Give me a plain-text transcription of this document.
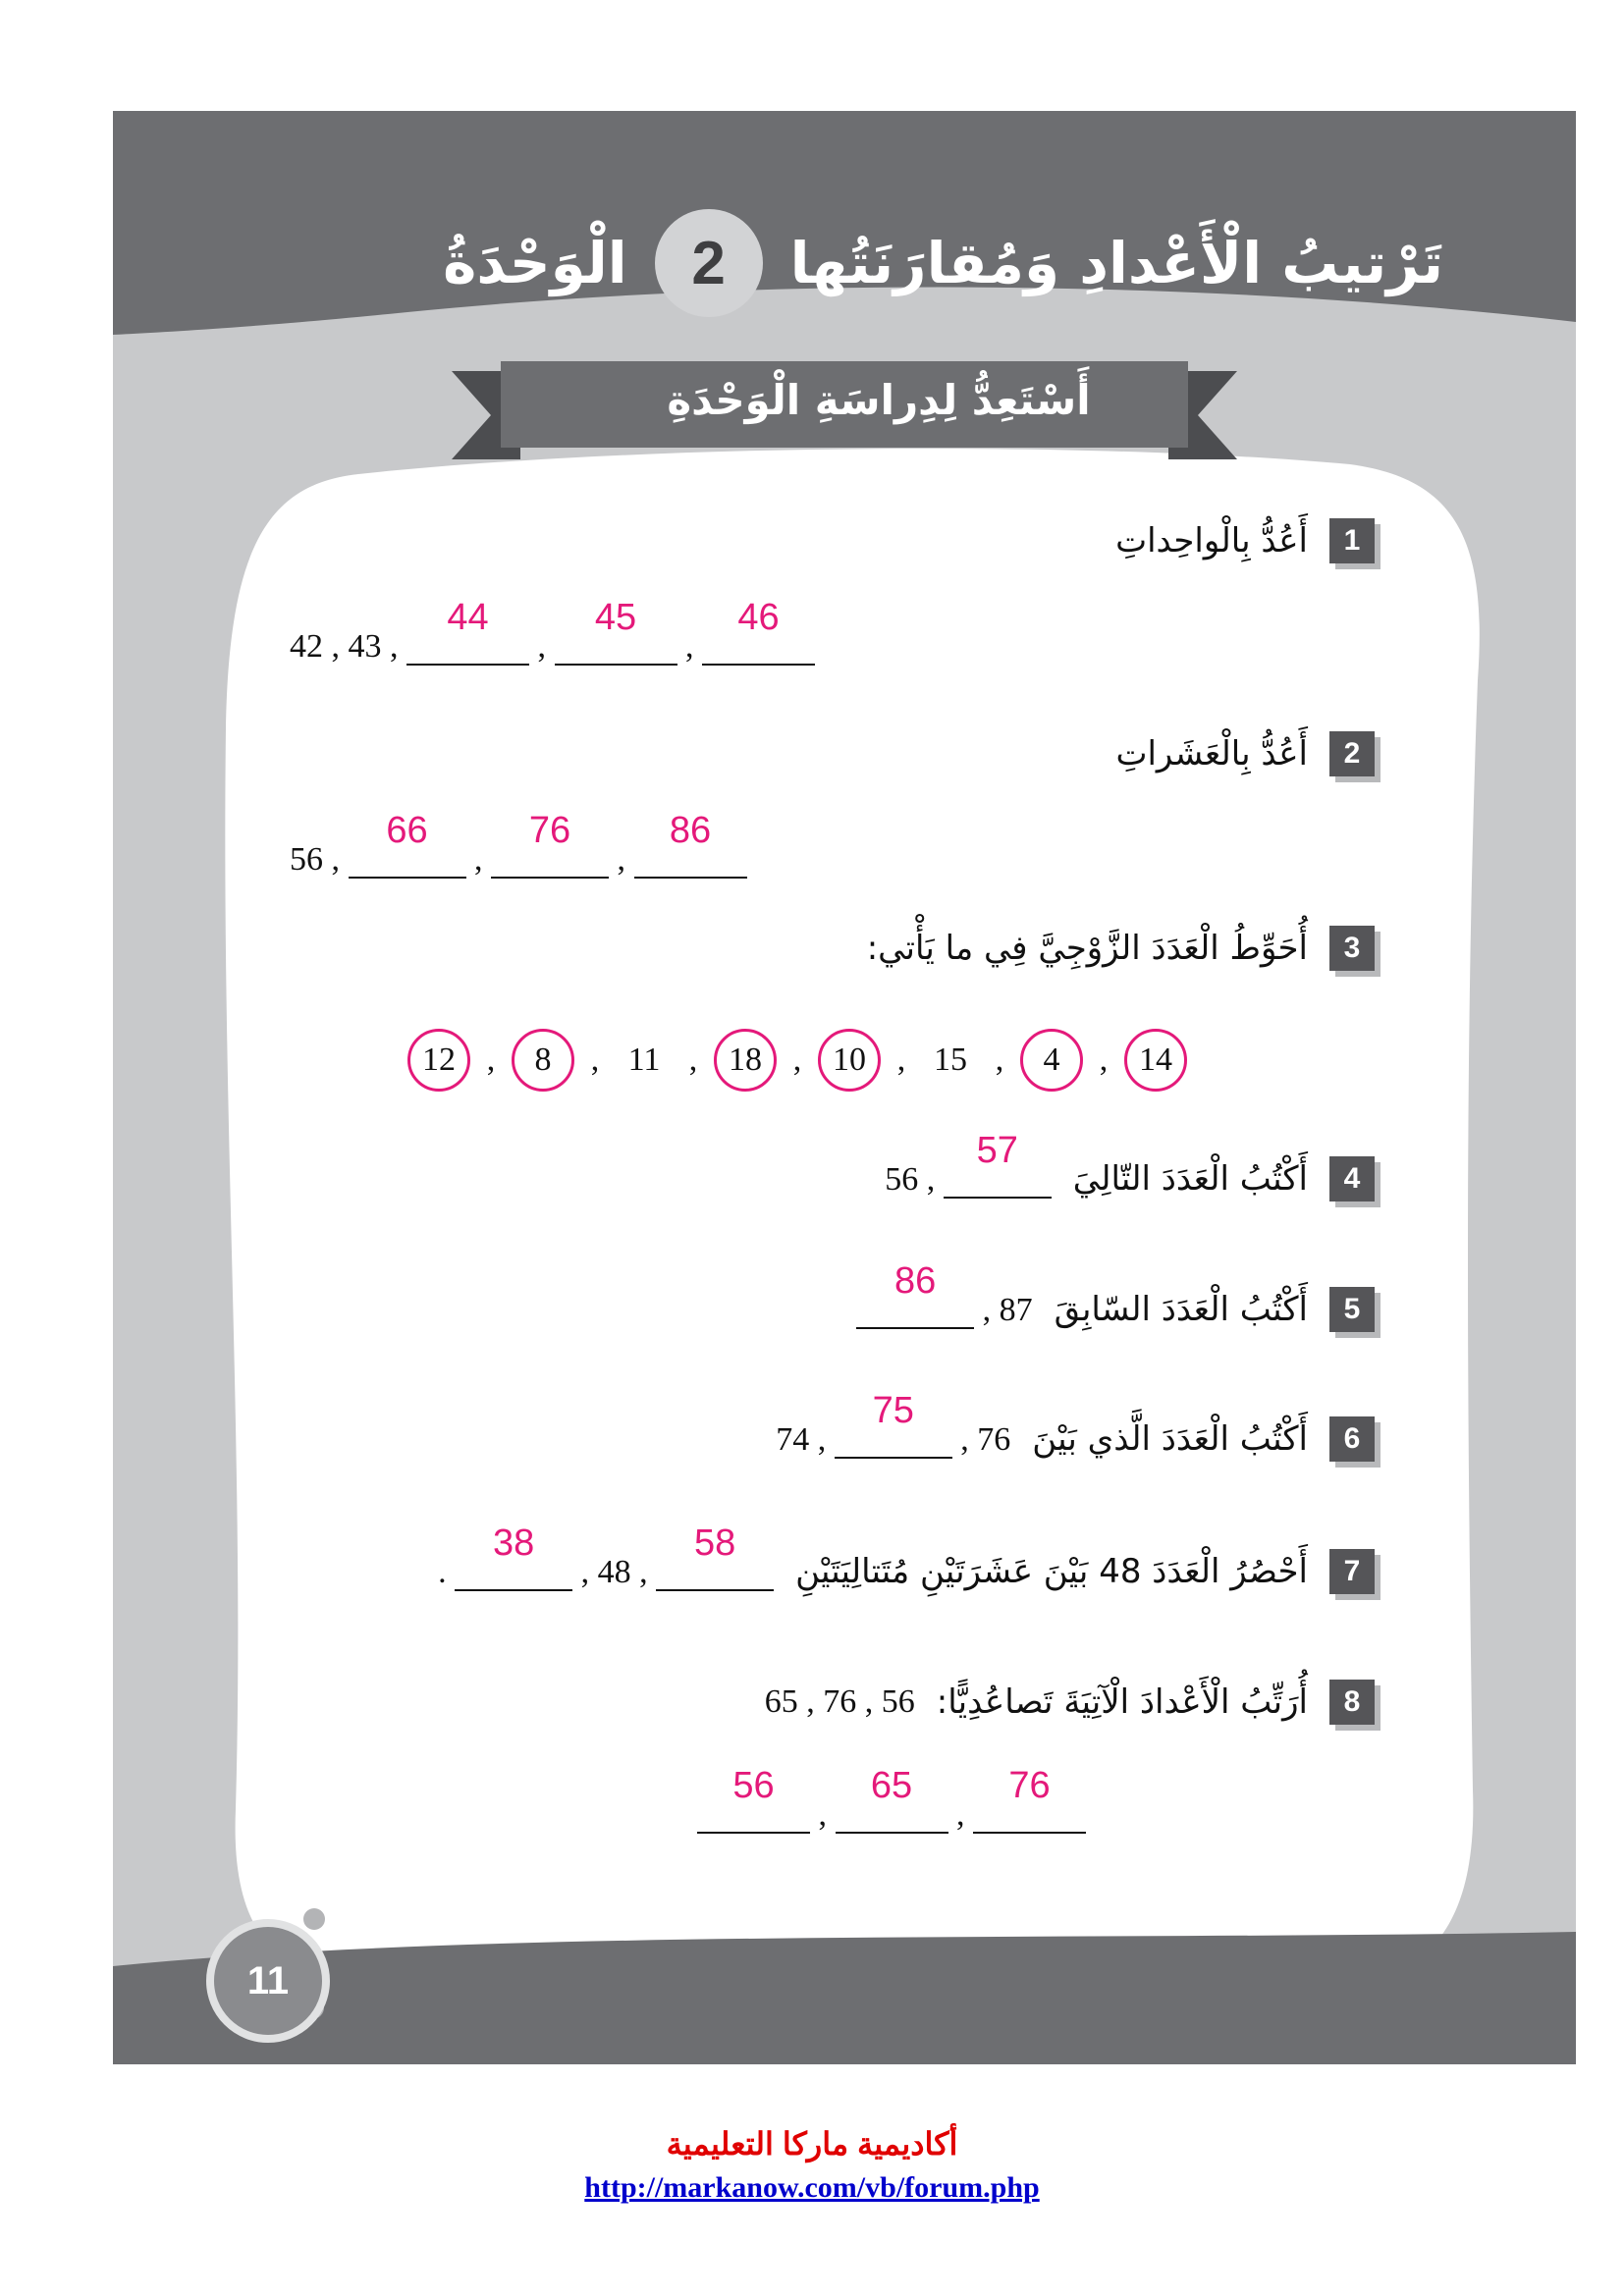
الْوَحْدَةُ	2	تَرْتيبُ الْأَعْدادِ وَمُقارَنَتُها
أَسْتَعِدُّ لِدِراسَةِ الْوَحْدَةِ
1
أَعُدُّ بِالْواحِداتِ
42 , 43 ,
44
,
45
,
46
2
أَعُدُّ بِالْعَشَراتِ
56 ,
66
,
76
,
86
3
أُحَوِّطُ الْعَدَدَ الزَّوْجِيَّ فِي ما يَأْتي:
12 ,	8	, 11 , 18 , 10 , 15 ,	4	, 14
4
أَكْتُبُ الْعَدَدَ التّالِيَ
56 ,
57
5
أَكْتُبُ الْعَدَدَ السّابِقَ
86
, 87
6
أَكْتُبُ الْعَدَدَ الَّذي بَيْنَ
74 ,
75
, 76
7
أَحْصُرُ الْعَدَدَ 48 بَيْنَ عَشَرَتَيْنِ مُتَتالِيَتَيْنِ
.
38
, 48 ,
58
8
أُرَتِّبُ الْأَعْدادَ الْآتِيَةَ تَصاعُدِيًّا:
65 , 76 , 56
56
,
65
,
76
11
أكاديمية ماركا التعليمية
http://markanow.com/vb/forum.php
